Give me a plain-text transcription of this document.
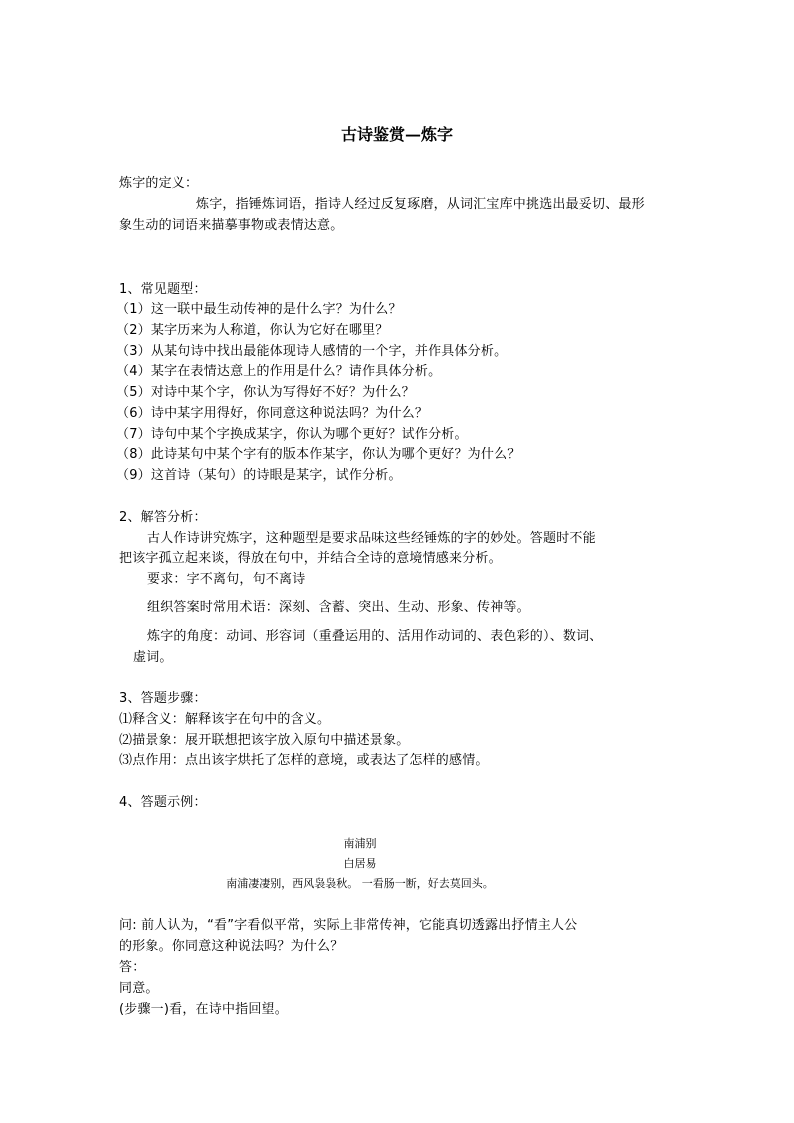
古诗鉴赏—炼字
炼字的定义：
炼字，指锤炼词语，指诗人经过反复琢磨，从词汇宝库中挑选出最妥切、最形
象生动的词语来描摹事物或表情达意。
1、常见题型：
（1）这一联中最生动传神的是什么字？为什么？
（2）某字历来为人称道，你认为它好在哪里？
（3）从某句诗中找出最能体现诗人感情的一个字，并作具体分析。
（4）某字在表情达意上的作用是什么？请作具体分析。
（5）对诗中某个字，你认为写得好不好？为什么？
（6）诗中某字用得好，你同意这种说法吗？为什么？
（7）诗句中某个字换成某字，你认为哪个更好？试作分析。
（8）此诗某句中某个字有的版本作某字，你认为哪个更好？为什么？
（9）这首诗（某句）的诗眼是某字，试作分析。
2、解答分析：
古人作诗讲究炼字，这种题型是要求品味这些经锤炼的字的妙处。答题时不能
把该字孤立起来谈，得放在句中，并结合全诗的意境情感来分析。
要求：字不离句，句不离诗
组织答案时常用术语：深刻、含蓄、突出、生动、形象、传神等。
炼字的角度：动词、形容词（重叠运用的、活用作动词的、表色彩的）、数词、
虚词。
3、答题步骤：
⑴释含义：解释该字在句中的含义。
⑵描景象：展开联想把该字放入原句中描述景象。
⑶点作用：点出该字烘托了怎样的意境，或表达了怎样的感情。
4、答题示例：
南浦别
白居易
南浦凄凄别，西风袅袅秋。 一看肠一断，好去莫回头。
问: 前人认为，“看”字看似平常，实际上非常传神，它能真切透露出抒情主人公
的形象。你同意这种说法吗？为什么？
答：
同意。
(步骤一)看，在诗中指回望。
